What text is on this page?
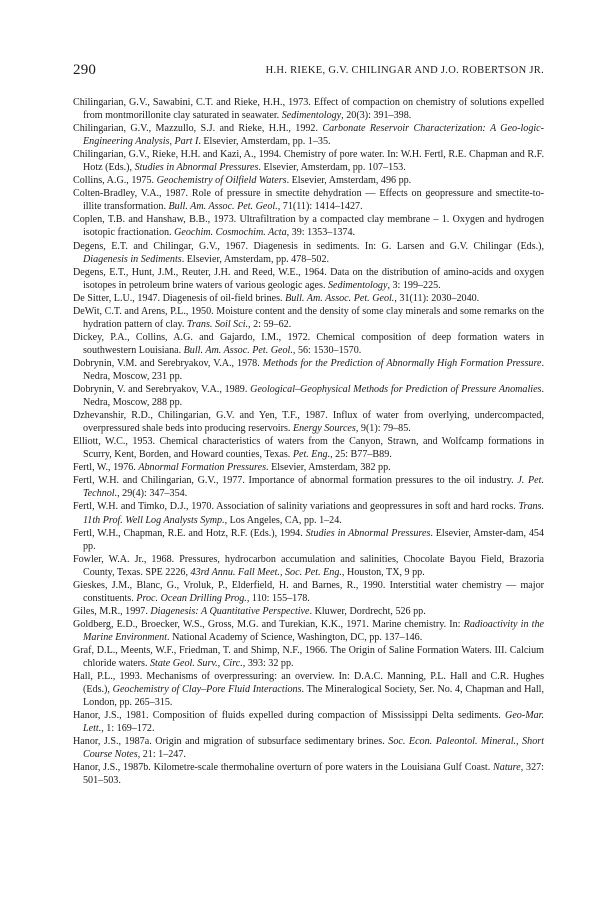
290	H.H. RIEKE, G.V. CHILINGAR AND J.O. ROBERTSON JR.
Chilingarian, G.V., Sawabini, C.T. and Rieke, H.H., 1973. Effect of compaction on chemistry of solutions expelled from montmorillonite clay saturated in seawater. Sedimentology, 20(3): 391–398.
Chilingarian, G.V., Mazzullo, S.J. and Rieke, H.H., 1992. Carbonate Reservoir Characterization: A Geo-logic-Engineering Analysis, Part I. Elsevier, Amsterdam, pp. 1–35.
Chilingarian, G.V., Rieke, H.H. and Kazi, A., 1994. Chemistry of pore water. In: W.H. Fertl, R.E. Chapman and R.F. Hotz (Eds.), Studies in Abnormal Pressures. Elsevier, Amsterdam, pp. 107–153.
Collins, A.G., 1975. Geochemistry of Oilfield Waters. Elsevier, Amsterdam, 496 pp.
Colten-Bradley, V.A., 1987. Role of pressure in smectite dehydration — Effects on geopressure and smectite-to-illite transformation. Bull. Am. Assoc. Pet. Geol., 71(11): 1414–1427.
Coplen, T.B. and Hanshaw, B.B., 1973. Ultrafiltration by a compacted clay membrane – 1. Oxygen and hydrogen isotopic fractionation. Geochim. Cosmochim. Acta, 39: 1353–1374.
Degens, E.T. and Chilingar, G.V., 1967. Diagenesis in sediments. In: G. Larsen and G.V. Chilingar (Eds.), Diagenesis in Sediments. Elsevier, Amsterdam, pp. 478–502.
Degens, E.T., Hunt, J.M., Reuter, J.H. and Reed, W.E., 1964. Data on the distribution of amino-acids and oxygen isotopes in petroleum brine waters of various geologic ages. Sedimentology, 3: 199–225.
De Sitter, L.U., 1947. Diagenesis of oil-field brines. Bull. Am. Assoc. Pet. Geol., 31(11): 2030–2040.
DeWit, C.T. and Arens, P.L., 1950. Moisture content and the density of some clay minerals and some remarks on the hydration pattern of clay. Trans. Soil Sci., 2: 59–62.
Dickey, P.A., Collins, A.G. and Gajardo, I.M., 1972. Chemical composition of deep formation waters in southwestern Louisiana. Bull. Am. Assoc. Pet. Geol., 56: 1530–1570.
Dobrynin, V.M. and Serebryakov, V.A., 1978. Methods for the Prediction of Abnormally High Formation Pressure. Nedra, Moscow, 231 pp.
Dobrynin, V. and Serebryakov, V.A., 1989. Geological–Geophysical Methods for Prediction of Pressure Anomalies. Nedra, Moscow, 288 pp.
Dzhevanshir, R.D., Chilingarian, G.V. and Yen, T.F., 1987. Influx of water from overlying, undercompacted, overpressured shale beds into producing reservoirs. Energy Sources, 9(1): 79–85.
Elliott, W.C., 1953. Chemical characteristics of waters from the Canyon, Strawn, and Wolfcamp formations in Scurry, Kent, Borden, and Howard counties, Texas. Pet. Eng., 25: B77–B89.
Fertl, W., 1976. Abnormal Formation Pressures. Elsevier, Amsterdam, 382 pp.
Fertl, W.H. and Chilingarian, G.V., 1977. Importance of abnormal formation pressures to the oil industry. J. Pet. Technol., 29(4): 347–354.
Fertl, W.H. and Timko, D.J., 1970. Association of salinity variations and geopressures in soft and hard rocks. Trans. 11th Prof. Well Log Analysts Symp., Los Angeles, CA, pp. 1–24.
Fertl, W.H., Chapman, R.E. and Hotz, R.F. (Eds.), 1994. Studies in Abnormal Pressures. Elsevier, Amster-dam, 454 pp.
Fowler, W.A. Jr., 1968. Pressures, hydrocarbon accumulation and salinities, Chocolate Bayou Field, Brazoria County, Texas. SPE 2226, 43rd Annu. Fall Meet., Soc. Pet. Eng., Houston, TX, 9 pp.
Gieskes, J.M., Blanc, G., Vroluk, P., Elderfield, H. and Barnes, R., 1990. Interstitial water chemistry — major constituents. Proc. Ocean Drilling Prog., 110: 155–178.
Giles, M.R., 1997. Diagenesis: A Quantitative Perspective. Kluwer, Dordrecht, 526 pp.
Goldberg, E.D., Broecker, W.S., Gross, M.G. and Turekian, K.K., 1971. Marine chemistry. In: Radioactivity in the Marine Environment. National Academy of Science, Washington, DC, pp. 137–146.
Graf, D.L., Meents, W.F., Friedman, T. and Shimp, N.F., 1966. The Origin of Saline Formation Waters. III. Calcium chloride waters. State Geol. Surv., Circ., 393: 32 pp.
Hall, P.L., 1993. Mechanisms of overpressuring: an overview. In: D.A.C. Manning, P.L. Hall and C.R. Hughes (Eds.), Geochemistry of Clay–Pore Fluid Interactions. The Mineralogical Society, Ser. No. 4, Chapman and Hall, London, pp. 265–315.
Hanor, J.S., 1981. Composition of fluids expelled during compaction of Mississippi Delta sediments. Geo-Mar. Lett., 1: 169–172.
Hanor, J.S., 1987a. Origin and migration of subsurface sedimentary brines. Soc. Econ. Paleontol. Mineral., Short Course Notes, 21: 1–247.
Hanor, J.S., 1987b. Kilometre-scale thermohaline overturn of pore waters in the Louisiana Gulf Coast. Nature, 327: 501–503.
